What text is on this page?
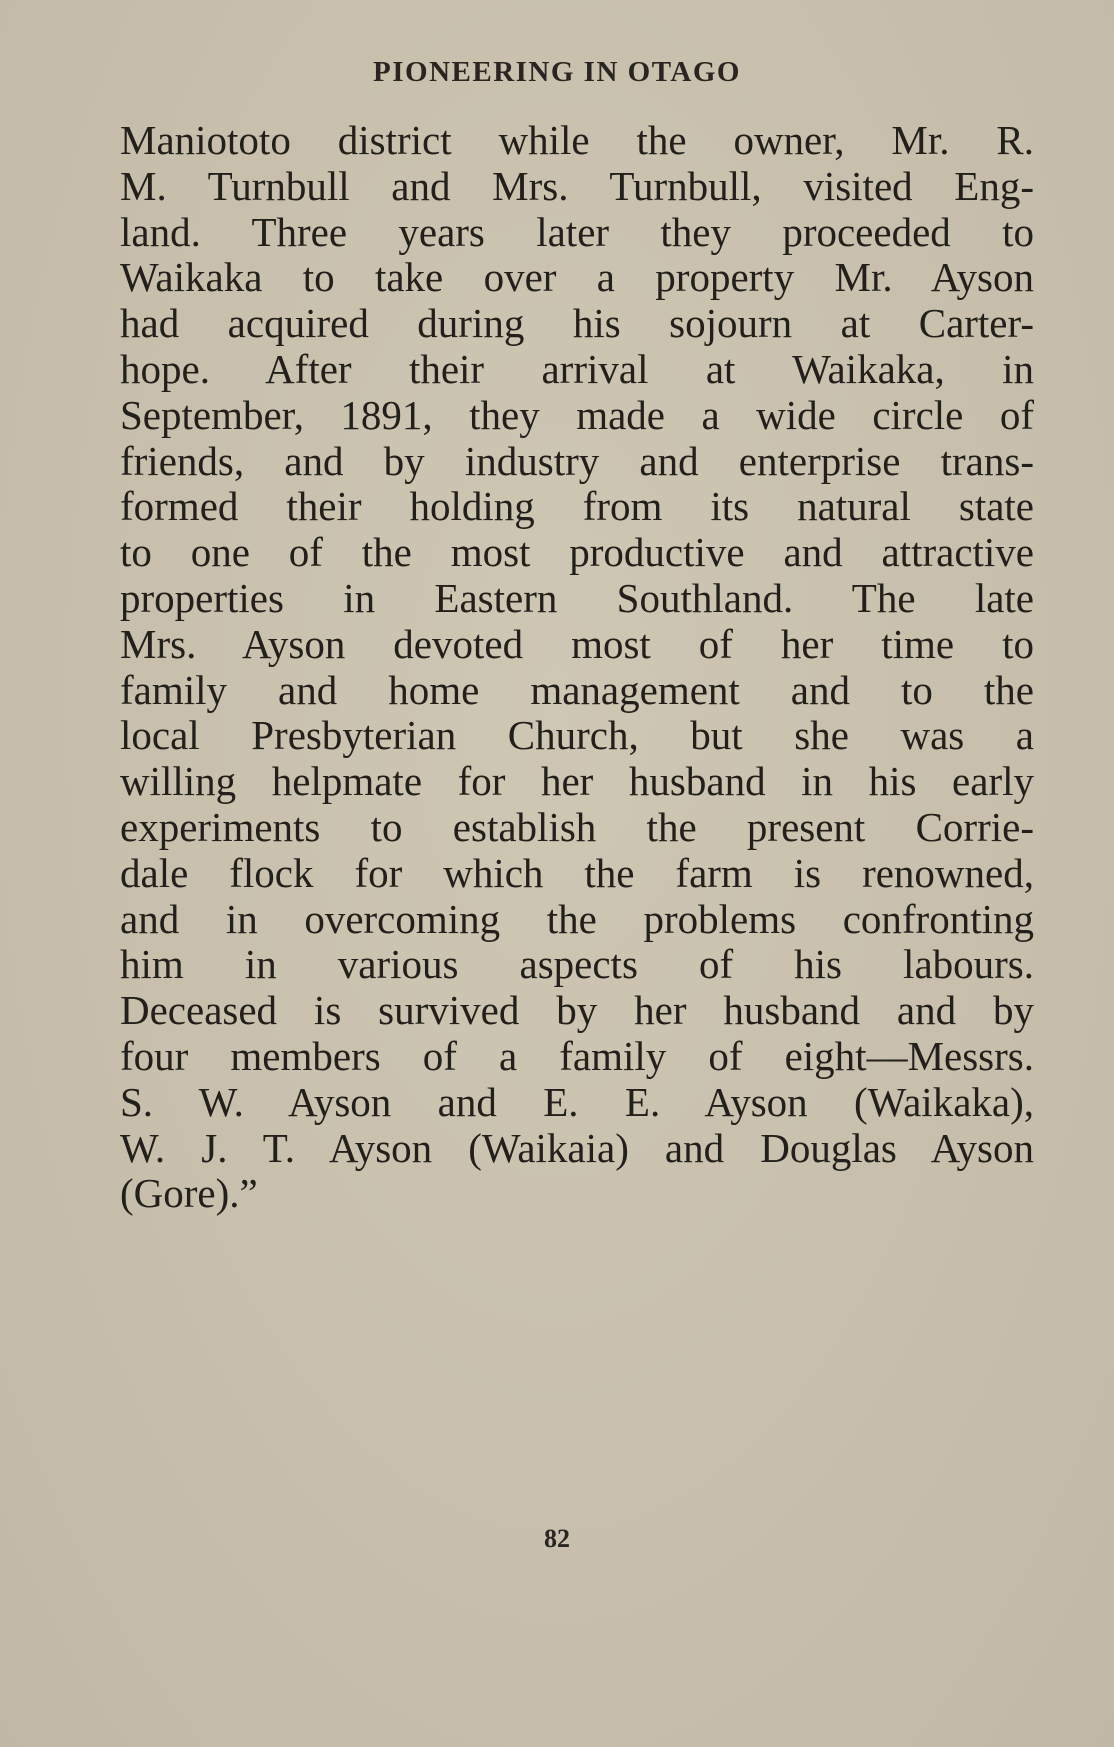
PIONEERING IN OTAGO
Maniototo district while the owner, Mr. R.
M. Turnbull and Mrs. Turnbull, visited Eng-
land. Three years later they proceeded to
Waikaka to take over a property Mr. Ayson
had acquired during his sojourn at Carter-
hope. After their arrival at Waikaka, in
September, 1891, they made a wide circle of
friends, and by industry and enterprise trans-
formed their holding from its natural state
to one of the most productive and attractive
properties in Eastern Southland. The late
Mrs. Ayson devoted most of her time to
family and home management and to the
local Presbyterian Church, but she was a
willing helpmate for her husband in his early
experiments to establish the present Corrie-
dale flock for which the farm is renowned,
and in overcoming the problems confronting
him in various aspects of his labours.
Deceased is survived by her husband and by
four members of a family of eight—Messrs.
S. W. Ayson and E. E. Ayson (Waikaka),
W. J. T. Ayson (Waikaia) and Douglas Ayson
(Gore).”
82
